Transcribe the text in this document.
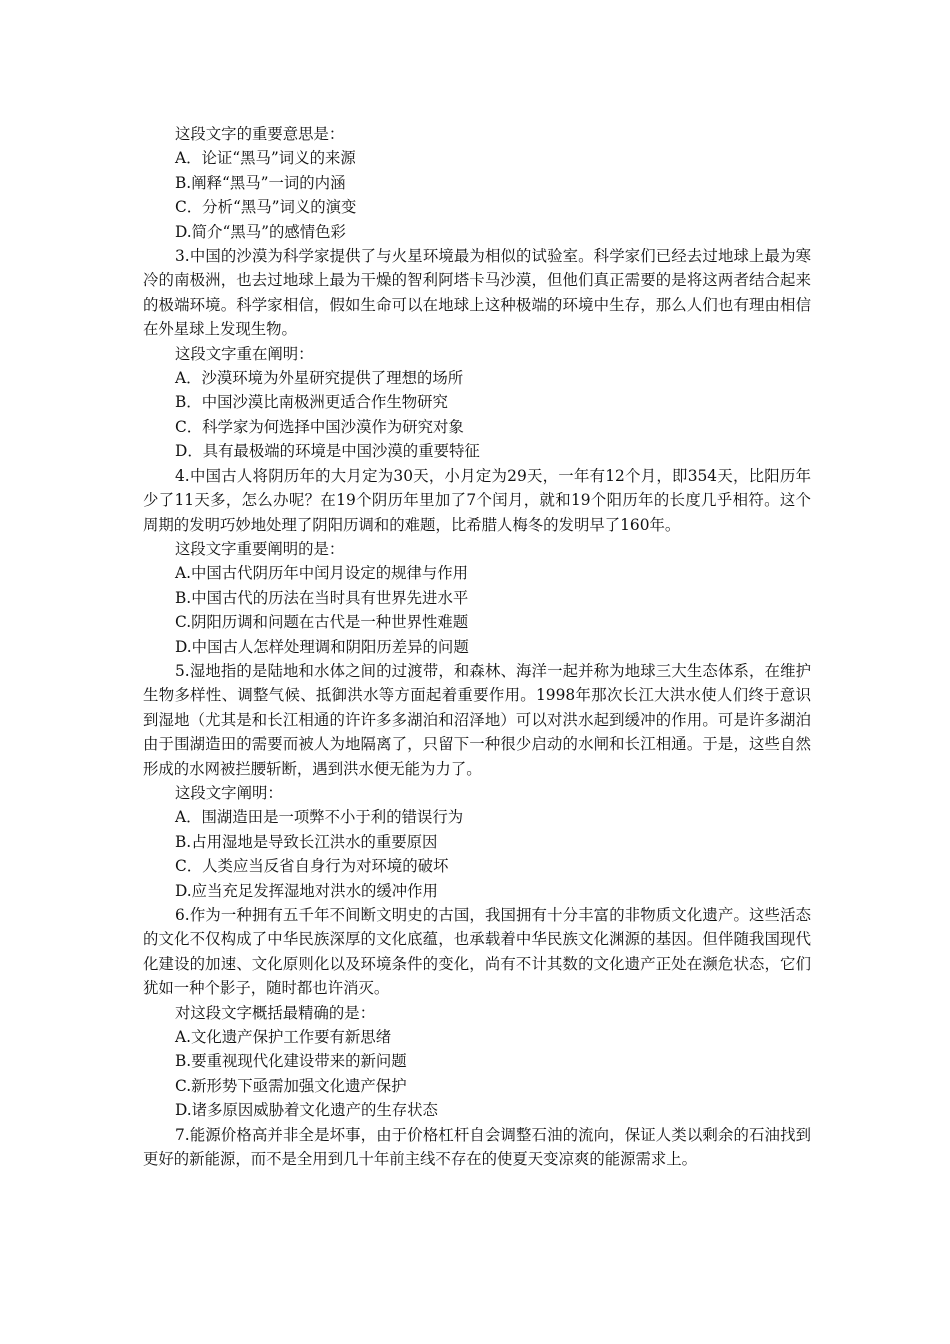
这段文字的重要意思是：
A．论证“黑马”词义的来源
B.阐释“黑马”一词的内涵
C．分析“黑马”词义的演变
D.简介“黑马”的感情色彩

3.中国的沙漠为科学家提供了与火星环境最为相似的试验室。科学家们已经去过地球上最为寒冷的南极洲，也去过地球上最为干燥的智利阿塔卡马沙漠，但他们真正需要的是将这两者结合起来的极端环境。科学家相信，假如生命可以在地球上这种极端的环境中生存，那么人们也有理由相信在外星球上发现生物。

这段文字重在阐明：
A．沙漠环境为外星研究提供了理想的场所
B．中国沙漠比南极洲更适合作生物研究
C．科学家为何选择中国沙漠作为研究对象
D．具有最极端的环境是中国沙漠的重要特征

4.中国古人将阴历年的大月定为30天，小月定为29天，一年有12个月，即354天，比阳历年少了11天多，怎么办呢？在19个阴历年里加了7个闰月，就和19个阳历年的长度几乎相符。这个周期的发明巧妙地处理了阴阳历调和的难题，比希腊人梅冬的发明早了160年。

这段文字重要阐明的是：
A.中国古代阴历年中闰月设定的规律与作用
B.中国古代的历法在当时具有世界先进水平
C.阴阳历调和问题在古代是一种世界性难题
D.中国古人怎样处理调和阴阳历差异的问题

5.湿地指的是陆地和水体之间的过渡带，和森林、海洋一起并称为地球三大生态体系，在维护生物多样性、调整气候、抵御洪水等方面起着重要作用。1998年那次长江大洪水使人们终于意识到湿地（尤其是和长江相通的许许多多湖泊和沼泽地）可以对洪水起到缓冲的作用。可是许多湖泊由于围湖造田的需要而被人为地隔离了，只留下一种很少启动的水闸和长江相通。于是，这些自然形成的水网被拦腰斩断，遇到洪水便无能为力了。

这段文字阐明：
A．围湖造田是一项弊不小于利的错误行为
B.占用湿地是导致长江洪水的重要原因
C．人类应当反省自身行为对环境的破坏
D.应当充足发挥湿地对洪水的缓冲作用

6.作为一种拥有五千年不间断文明史的古国，我国拥有十分丰富的非物质文化遗产。这些活态的文化不仅构成了中华民族深厚的文化底蕴，也承载着中华民族文化渊源的基因。但伴随我国现代化建设的加速、文化原则化以及环境条件的变化，尚有不计其数的文化遗产正处在濒危状态，它们犹如一种个影子，随时都也许消灭。

对这段文字概括最精确的是：
A.文化遗产保护工作要有新思绪
B.要重视现代化建设带来的新问题
C.新形势下亟需加强文化遗产保护
D.诸多原因威胁着文化遗产的生存状态

7.能源价格高并非全是坏事，由于价格杠杆自会调整石油的流向，保证人类以剩余的石油找到更好的新能源，而不是全用到几十年前主线不存在的使夏天变凉爽的能源需求上。
